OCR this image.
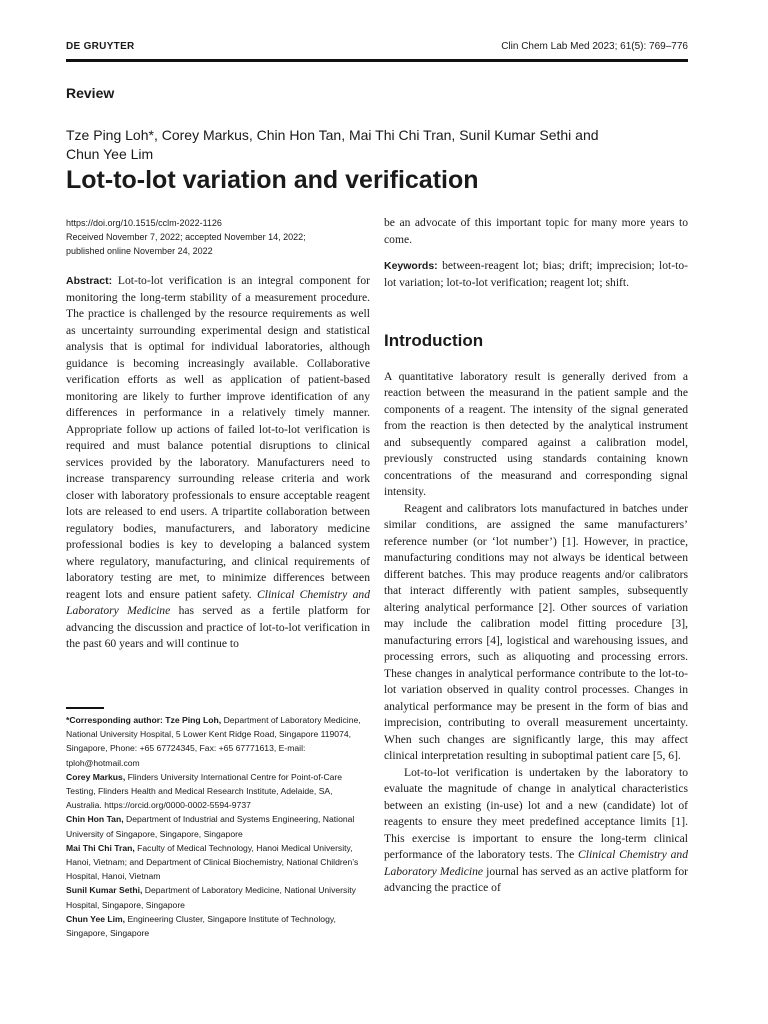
DE GRUYTER	Clin Chem Lab Med 2023; 61(5): 769–776
Review
Tze Ping Loh*, Corey Markus, Chin Hon Tan, Mai Thi Chi Tran, Sunil Kumar Sethi and Chun Yee Lim
Lot-to-lot variation and verification
https://doi.org/10.1515/cclm-2022-1126
Received November 7, 2022; accepted November 14, 2022;
published online November 24, 2022

Abstract: Lot-to-lot verification is an integral component for monitoring the long-term stability of a measurement procedure. The practice is challenged by the resource requirements as well as uncertainty surrounding experimental design and statistical analysis that is optimal for individual laboratories, although guidance is becoming increasingly available. Collaborative verification efforts as well as application of patient-based monitoring are likely to further improve identification of any differences in performance in a relatively timely manner. Appropriate follow up actions of failed lot-to-lot verification is required and must balance potential disruptions to clinical services provided by the laboratory. Manufacturers need to increase transparency surrounding release criteria and work closer with laboratory professionals to ensure acceptable reagent lots are released to end users. A tripartite collaboration between regulatory bodies, manufacturers, and laboratory medicine professional bodies is key to developing a balanced system where regulatory, manufacturing, and clinical requirements of laboratory testing are met, to minimize differences between reagent lots and ensure patient safety. Clinical Chemistry and Laboratory Medicine has served as a fertile platform for advancing the discussion and practice of lot-to-lot verification in the past 60 years and will continue to

be an advocate of this important topic for many more years to come.

Keywords: between-reagent lot; bias; drift; imprecision; lot-to-lot variation; lot-to-lot verification; reagent lot; shift.

Introduction

A quantitative laboratory result is generally derived from a reaction between the measurand in the patient sample and the components of a reagent. The intensity of the signal generated from the reaction is then detected by the analytical instrument and subsequently compared against a calibration model, previously constructed using standards containing known concentrations of the measurand and corresponding signal intensity.

Reagent and calibrators lots manufactured in batches under similar conditions, are assigned the same manufacturers’ reference number (or ‘lot number’) [1]. However, in practice, manufacturing conditions may not always be identical between different batches. This may produce reagents and/or calibrators that interact differently with patient samples, subsequently altering analytical performance [2]. Other sources of variation may include the calibration model fitting procedure [3], manufacturing errors [4], logistical and warehousing issues, and processing errors, such as aliquoting and processing errors. These changes in analytical performance contribute to the lot-to-lot variation observed in quality control processes. Changes in analytical performance may be present in the form of bias and imprecision, contributing to overall measurement uncertainty. When such changes are significantly large, this may affect clinical interpretation resulting in suboptimal patient care [5, 6].

Lot-to-lot verification is undertaken by the laboratory to evaluate the magnitude of change in analytical characteristics between an existing (in-use) lot and a new (candidate) lot of reagents to ensure they meet predefined acceptance limits [1]. This exercise is important to ensure the long-term clinical performance of the laboratory tests. The Clinical Chemistry and Laboratory Medicine journal has served as an active platform for advancing the practice of

*Corresponding author: Tze Ping Loh, Department of Laboratory Medicine, National University Hospital, 5 Lower Kent Ridge Road, Singapore 119074, Singapore, Phone: +65 67724345, Fax: +65 67771613, E-mail: tploh@hotmail.com

Corey Markus, Flinders University International Centre for Point-of-Care Testing, Flinders Health and Medical Research Institute, Adelaide, SA, Australia. https://orcid.org/0000-0002-5594-9737

Chin Hon Tan, Department of Industrial and Systems Engineering, National University of Singapore, Singapore, Singapore

Mai Thi Chi Tran, Faculty of Medical Technology, Hanoi Medical University, Hanoi, Vietnam; and Department of Clinical Biochemistry, National Children’s Hospital, Hanoi, Vietnam

Sunil Kumar Sethi, Department of Laboratory Medicine, National University Hospital, Singapore, Singapore

Chun Yee Lim, Engineering Cluster, Singapore Institute of Technology, Singapore, Singapore
